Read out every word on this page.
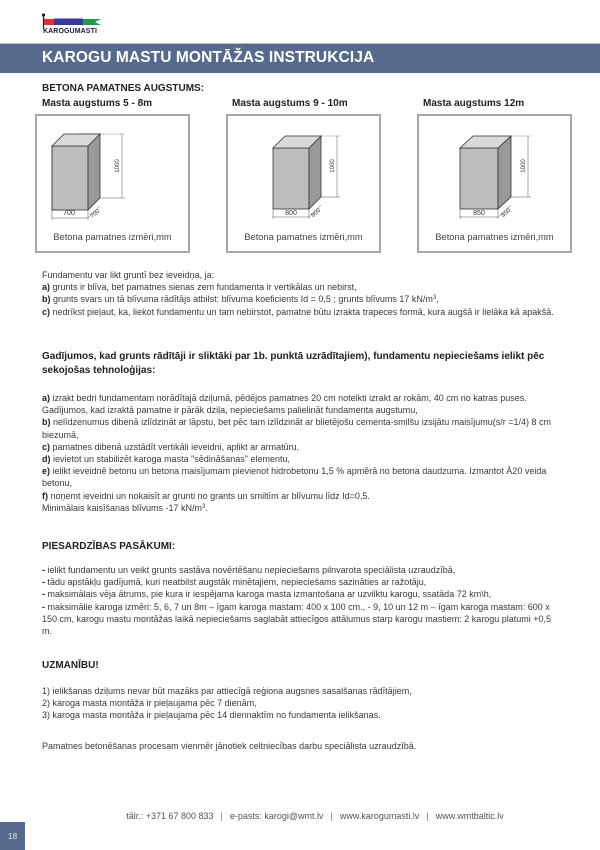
KAROGUMASTI
KAROGU MASTU MONTĀŽAS INSTRUKCIJA
BETONA PAMATNES AUGSTUMS:
Masta augstums 5 - 8m	Masta augstums 9 - 10m	Masta augstums 12m
700 700
1000
Betona pamatnes izmēri,mm
800 800
1000
Betona pamatnes izmēri,mm
850	850
1000
Betona pamatnes izmēri,mm
Fundamentu var likt gruntī bez ieveidņa, ja:
a) grunts ir blīva, bet pamatnes sienas zem fundamenta ir vertikālas un nebirst,
b) grunts svars un tā blīvuma rādītājs atbilst: blīvuma koeficients Id = 0,5 ; grunts blīvums 17 $kN/m^3$,
c) nedrīkst pieļaut, ka, liekot fundamentu un tam nebirstot, pamatne būtu izrakta trapeces formā, kura augšā ir lielāka kā apakšā.
Gadījumos, kad grunts rādītāji ir sliktāki par 1b. punktā uzrādītajiem), fundamentu nepieciešams ielikt pēc sekojošas tehnoloģijas:
a) izrakt bedri fundamentam norādītajā dziļumā, pēdējos pamatnes 20 cm noteikti izrakt ar rokām, 40 cm no katras puses. Gadījumos, kad izraktā pamatne ir pārāk dziļa, nepieciešams palielināt fundamenta augstumu,
b) nelīdzenumus dibenā izlīdzināt ar lāpstu, bet pēc tam izlīdzināt ar blietējošu cementa-smilšu izsijātu maisījumu(s/r =1/4) 8 cm biezumā,
c) pamatnes dibenā uzstādīt vertikāli ieveidni, aplikt ar armatūru,
d) ievietot un stabilizēt karoga masta "sēdināšanas" elementu,
e) ielikt ieveidnē betonu un betona maisījumam pievienot hidrobetonu 1,5 % apmērā no betona daudzuma. Izmantot Ā20 veida betonu,
f) noņemt ieveidni un nokaisīt ar grunti no grants un smiltīm ar blīvumu līdz Id=0,5.
Minimālais kaisīšanas blīvums -17 $kN/m^3$.
PIESARDZĪBAS PASĀKUMI:
- ielikt fundamentu un veikt grunts sastāva novērtēšanu nepieciešams pilnvarota speciālista uzraudzībā,
- tādu apstākļu gadījumā, kuri neatbilst augstāk minētajiem, nepieciešams sazināties ar ražotāju,
- maksimālais vēja ātrums, pie kura ir iespējama karoga masta izmantošana ar uzvilktu karogu, ssatāda 72 km\h,
- maksimālie karoga izmēri: 5, 6, 7 un 8m – īgam karoga mastam: 400 x 100 cm., - 9, 10 un 12 m – īgam karoga mastam: 600 x 150 cm, karogu mastu montāžas laikā nepieciešams saglabāt attiecīgos attālumus starp karogu mastiem: 2 karogu platumi +0,5 m.
UZMANĪBU!
1) ielikšanas dziļums nevar būt mazāks par attiecīgā reģiona augsnes sasalšanas rādītājiem,
2) karoga masta montāža ir pieļaujama pēc 7 dienām,
3) karoga masta montāža ir pieļaujama pēc 14 diennaktīm no fundamenta ielikšanas.
Pamatnes betonēšanas procesam vienmēr jānotiek celtniecības darbu speciālista uzraudzībā.
tālr.: +371 67 800 833 | e-pasts: karogi@wmt.lv | www.karogumasti.lv | www.wmtbaltic.lv
18
